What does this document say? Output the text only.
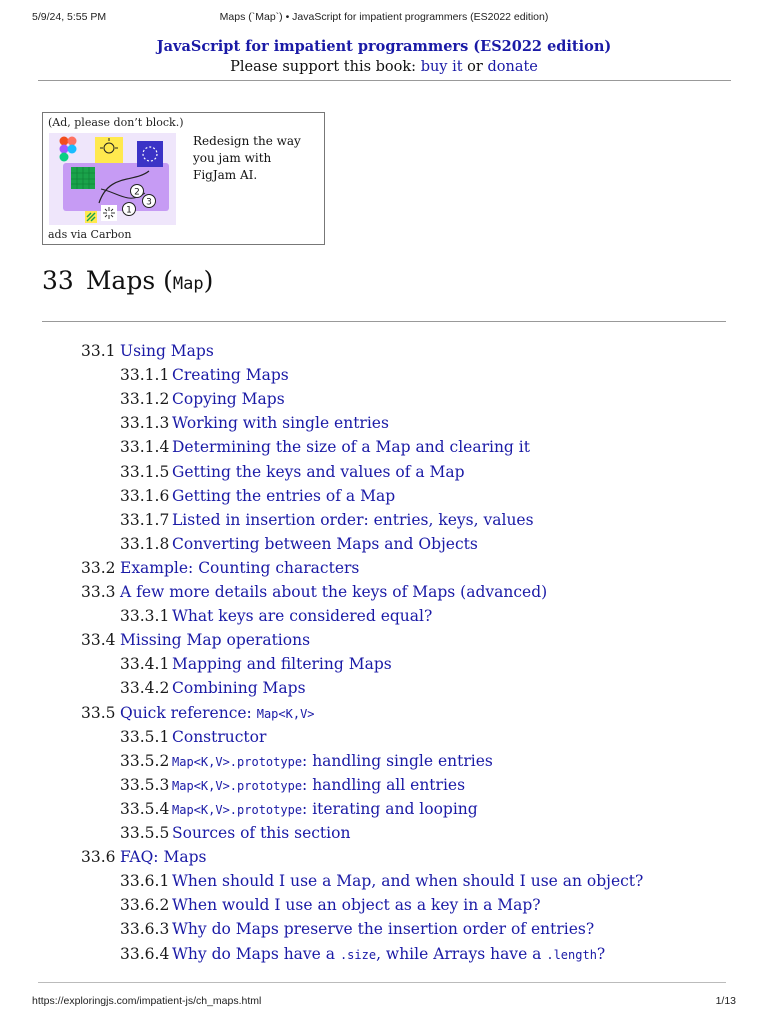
5/9/24, 5:55 PM	Maps (`Map`) • JavaScript for impatient programmers (ES2022 edition)
JavaScript for impatient programmers (ES2022 edition)
Please support this book: buy it or donate
(Ad, please don’t block.)
2
3
1
Redesign the way you jam with FigJam AI.
ads via Carbon
33 Maps (Map)
33.1 Using Maps
33.1.1 Creating Maps
33.1.2 Copying Maps
33.1.3 Working with single entries
33.1.4 Determining the size of a Map and clearing it
33.1.5 Getting the keys and values of a Map
33.1.6 Getting the entries of a Map
33.1.7 Listed in insertion order: entries, keys, values
33.1.8 Converting between Maps and Objects
33.2 Example: Counting characters
33.3 A few more details about the keys of Maps (advanced)
33.3.1 What keys are considered equal?
33.4 Missing Map operations
33.4.1 Mapping and filtering Maps
33.4.2 Combining Maps
33.5 Quick reference: Map<K,V>
33.5.1 Constructor
33.5.2 Map<K,V>.prototype: handling single entries
33.5.3 Map<K,V>.prototype: handling all entries
33.5.4 Map<K,V>.prototype: iterating and looping
33.5.5 Sources of this section
33.6 FAQ: Maps
33.6.1 When should I use a Map, and when should I use an object?
33.6.2 When would I use an object as a key in a Map?
33.6.3 Why do Maps preserve the insertion order of entries?
33.6.4 Why do Maps have a .size, while Arrays have a .length?
https://exploringjs.com/impatient-js/ch_maps.html	1/13
